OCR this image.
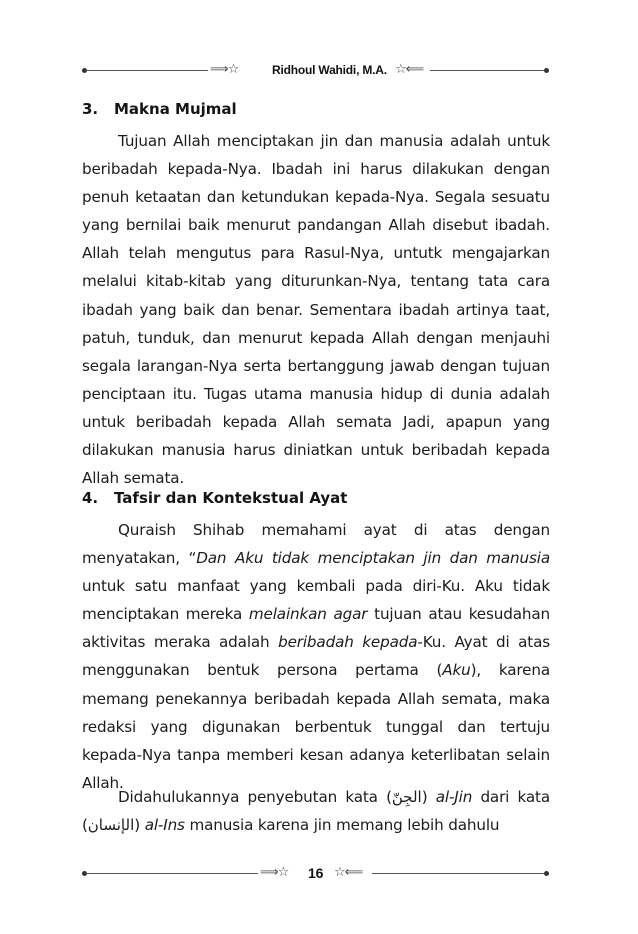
⟹☆	Ridhoul Wahidi, M.A. ☆⟸
3. Makna Mujmal

Tujuan Allah menciptakan jin dan manusia adalah untuk beribadah kepada-Nya. Ibadah ini harus dilakukan dengan penuh ketaatan dan ketundukan kepada-Nya. Segala sesuatu yang bernilai baik menurut pandangan Allah disebut ibadah. Allah telah mengutus para Rasul-Nya, untutk mengajarkan melalui kitab-kitab yang diturunkan-Nya, tentang tata cara ibadah yang baik dan benar. Sementara ibadah artinya taat, patuh, tunduk, dan menurut kepada Allah dengan menjauhi segala larangan-Nya serta bertanggung jawab dengan tujuan penciptaan itu. Tugas utama manusia hidup di dunia adalah untuk beribadah kepada Allah semata Jadi, apapun yang dilakukan manusia harus diniatkan untuk beribadah kepada Allah semata.

4. Tafsir dan Kontekstual Ayat

Quraish Shihab memahami ayat di atas dengan menyatakan, “Dan Aku tidak menciptakan jin dan manusia untuk satu manfaat yang kembali pada diri-Ku. Aku tidak menciptakan mereka melainkan agar tujuan atau kesudahan aktivitas meraka adalah beribadah kepada-Ku. Ayat di atas menggunakan bentuk persona pertama (Aku), karena memang penekannya beribadah kepada Allah semata, maka redaksi yang digunakan berbentuk tunggal dan tertuju kepada-Nya tanpa memberi kesan adanya keterlibatan selain Allah.

Didahulukannya penyebutan kata (الجِنّ) al-Jin dari kata (الإنسان) al-Ins manusia karena jin memang lebih dahulu

⟹☆ 16 ☆⟸
